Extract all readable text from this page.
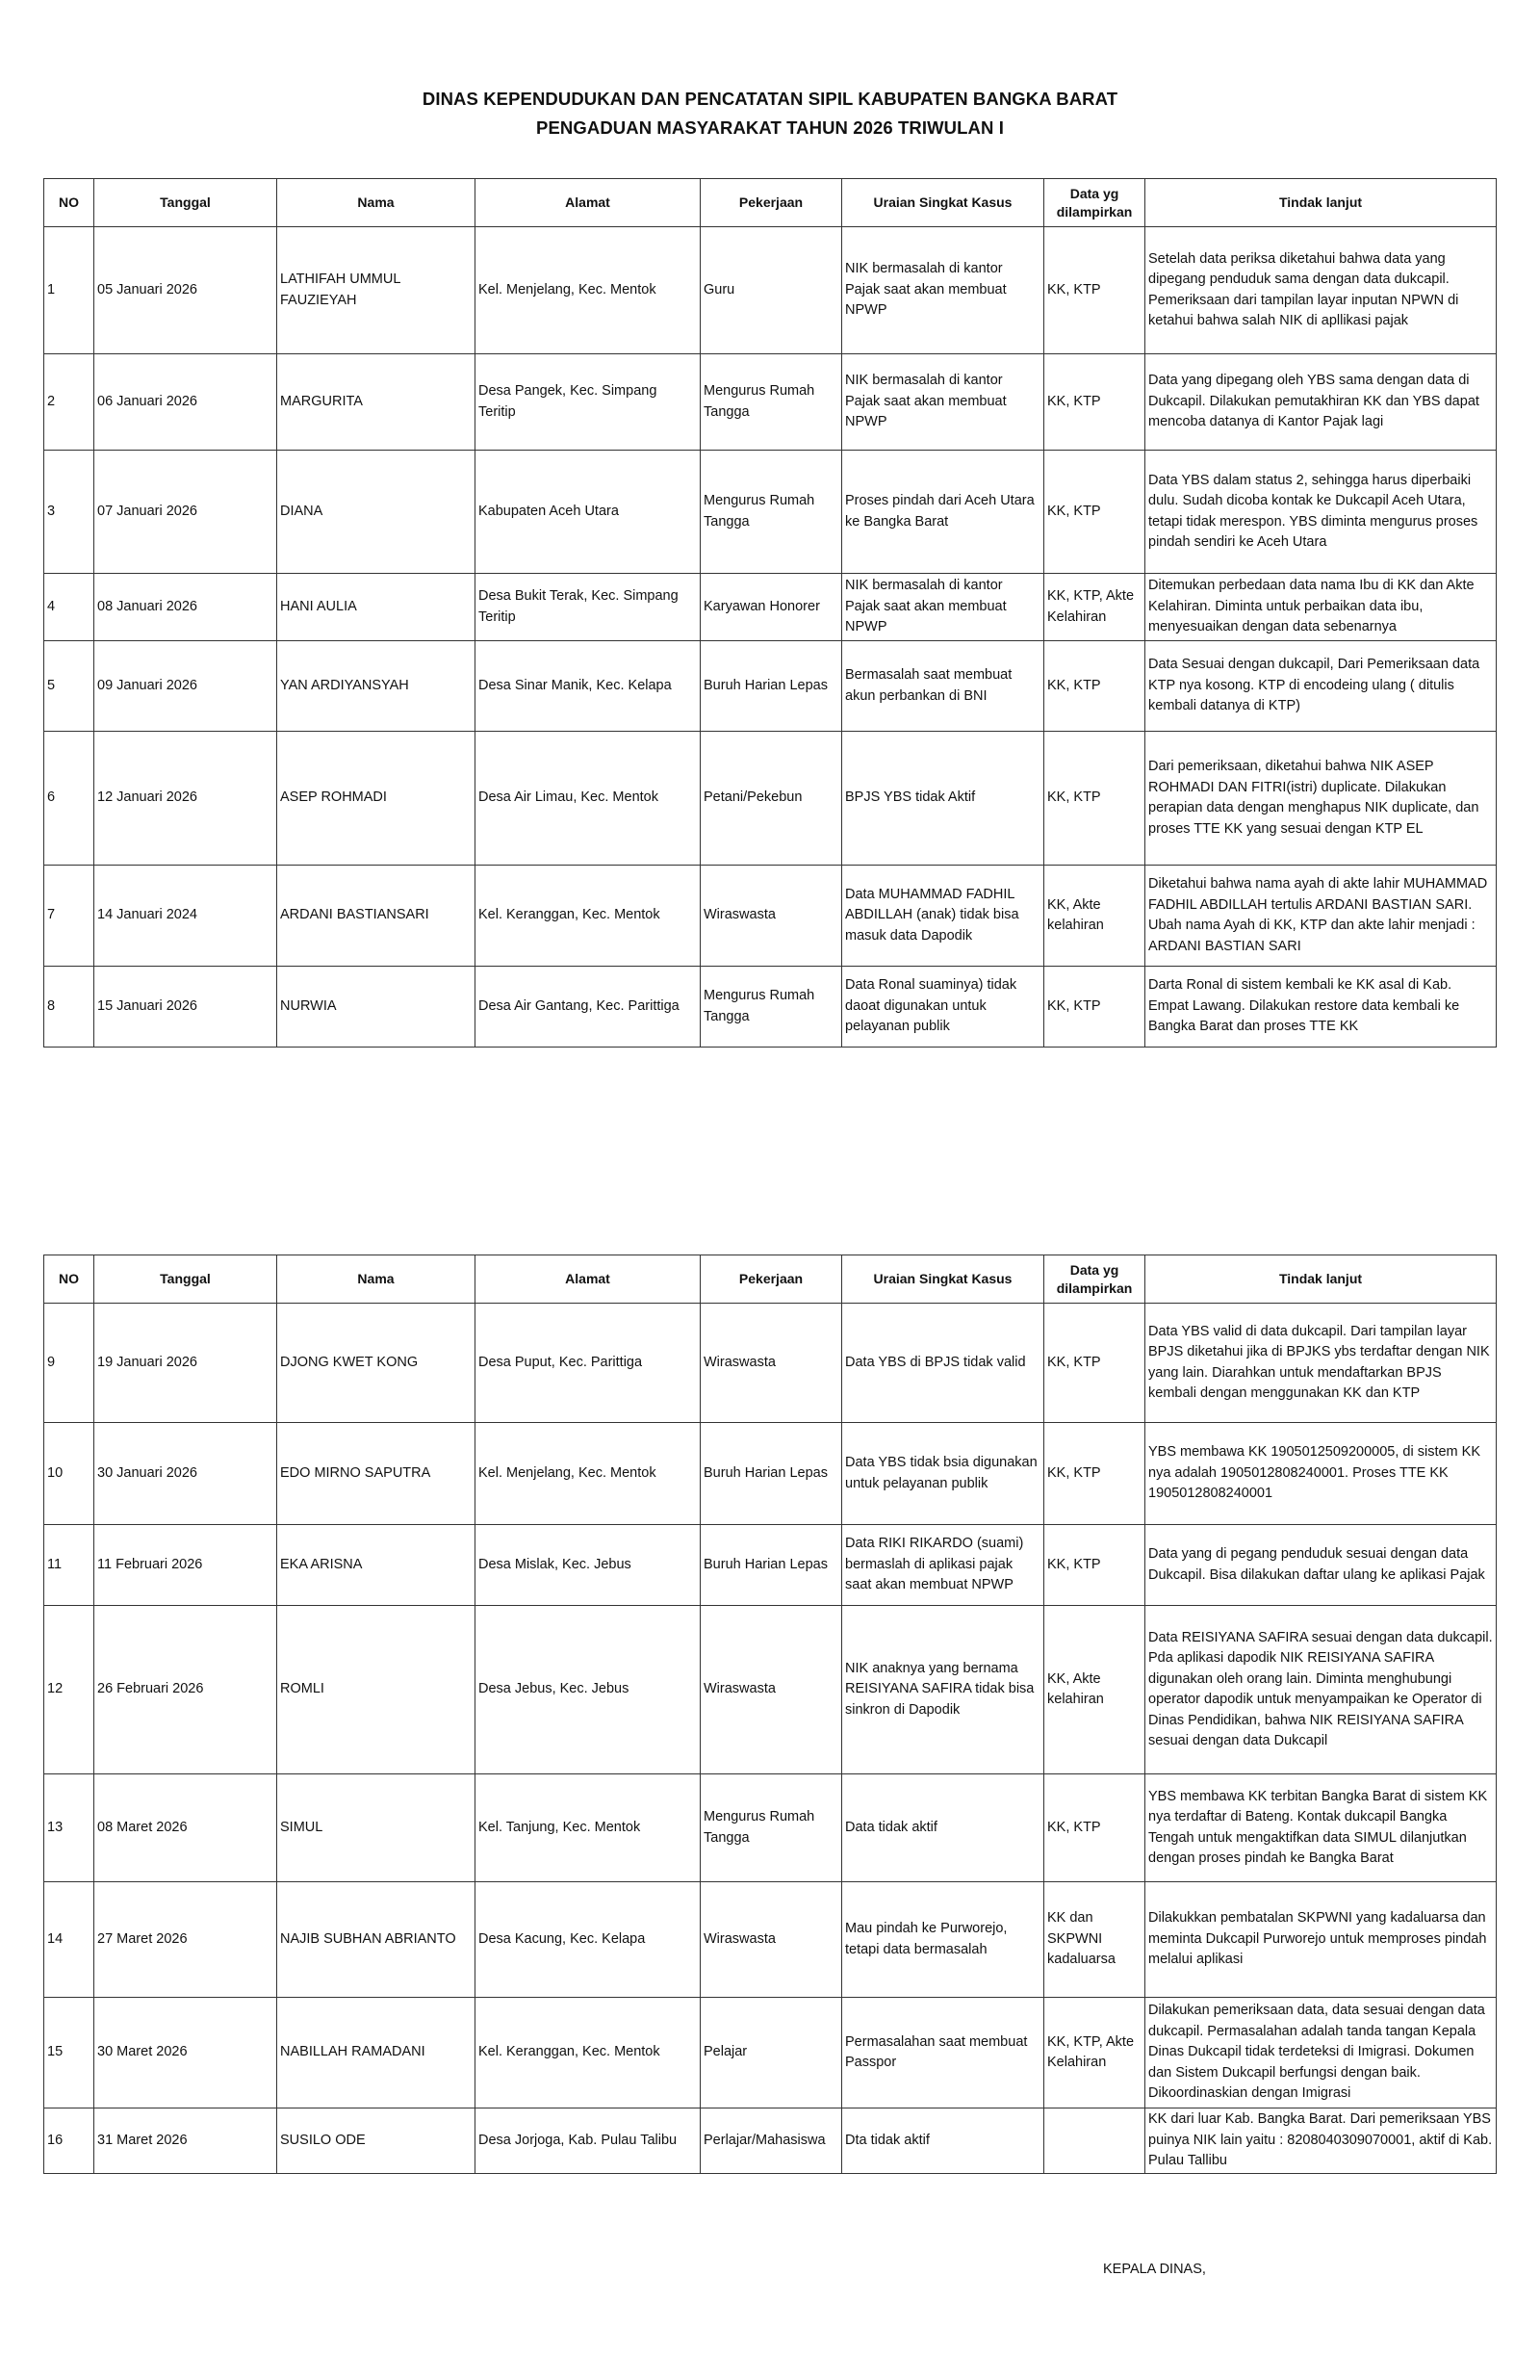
DINAS KEPENDUDUKAN DAN PENCATATAN SIPIL KABUPATEN BANGKA BARAT
PENGADUAN MASYARAKAT TAHUN 2026 TRIWULAN I
NO	Tanggal	Nama	Alamat	Pekerjaan	Uraian Singkat Kasus	Data yg dilampirkan	Tindak lanjut
1	05 Januari 2026	LATHIFAH UMMUL FAUZIEYAH	Kel. Menjelang, Kec. Mentok	Guru	NIK bermasalah di kantor Pajak saat akan membuat NPWP	KK, KTP	Setelah data periksa diketahui bahwa data yang dipegang penduduk sama dengan data dukcapil. Pemeriksaan dari tampilan layar inputan NPWN di ketahui bahwa salah NIK di apllikasi pajak
2	06 Januari 2026	MARGURITA	Desa Pangek, Kec. Simpang Teritip	Mengurus Rumah Tangga	NIK bermasalah di kantor Pajak saat akan membuat NPWP	KK, KTP	Data yang dipegang oleh YBS sama dengan data di Dukcapil. Dilakukan pemutakhiran KK dan YBS dapat mencoba datanya di Kantor Pajak lagi
3	07 Januari 2026	DIANA	Kabupaten Aceh Utara	Mengurus Rumah Tangga	Proses pindah dari Aceh Utara ke Bangka Barat	KK, KTP	Data YBS dalam status 2, sehingga harus diperbaiki dulu. Sudah dicoba kontak ke Dukcapil Aceh Utara, tetapi tidak merespon. YBS diminta mengurus proses pindah sendiri ke Aceh Utara
4	08 Januari 2026	HANI AULIA	Desa Bukit Terak, Kec. Simpang Teritip	Karyawan Honorer	NIK bermasalah di kantor Pajak saat akan membuat NPWP	KK, KTP, Akte Kelahiran	Ditemukan perbedaan data nama Ibu di KK dan Akte Kelahiran. Diminta untuk perbaikan data ibu, menyesuaikan dengan data sebenarnya
5	09 Januari 2026	YAN ARDIYANSYAH	Desa Sinar Manik, Kec. Kelapa	Buruh Harian Lepas	Bermasalah saat membuat akun perbankan di BNI	KK, KTP	Data Sesuai dengan dukcapil, Dari Pemeriksaan data KTP nya kosong. KTP di encodeing ulang ( ditulis kembali datanya di KTP)
6	12 Januari 2026	ASEP ROHMADI	Desa Air Limau, Kec. Mentok	Petani/Pekebun	BPJS YBS tidak Aktif	KK, KTP	Dari pemeriksaan, diketahui bahwa NIK ASEP ROHMADI DAN FITRI(istri) duplicate. Dilakukan perapian data dengan menghapus NIK duplicate, dan proses TTE KK yang sesuai dengan KTP EL
7	14 Januari 2024	ARDANI BASTIANSARI	Kel. Keranggan, Kec. Mentok	Wiraswasta	Data MUHAMMAD FADHIL ABDILLAH (anak) tidak bisa masuk data Dapodik	KK, Akte kelahiran	Diketahui bahwa nama ayah di akte lahir MUHAMMAD FADHIL ABDILLAH tertulis ARDANI BASTIAN SARI. Ubah nama Ayah di KK, KTP dan akte lahir menjadi : ARDANI BASTIAN SARI
8	15 Januari 2026	NURWIA	Desa Air Gantang, Kec. Parittiga	Mengurus Rumah Tangga	Data Ronal suaminya) tidak daoat digunakan untuk pelayanan publik	KK, KTP	Darta Ronal di sistem kembali ke KK asal di Kab. Empat Lawang. Dilakukan restore data kembali ke Bangka Barat dan proses TTE KK
NO	Tanggal	Nama	Alamat	Pekerjaan	Uraian Singkat Kasus	Data yg dilampirkan	Tindak lanjut
9	19 Januari 2026	DJONG KWET KONG	Desa Puput, Kec. Parittiga	Wiraswasta	Data YBS di BPJS tidak valid	KK, KTP	Data YBS valid di data dukcapil. Dari tampilan layar BPJS diketahui jika di BPJKS ybs terdaftar dengan NIK yang lain. Diarahkan untuk mendaftarkan BPJS kembali dengan menggunakan KK dan KTP
10	30 Januari 2026	EDO MIRNO SAPUTRA	Kel. Menjelang, Kec. Mentok	Buruh Harian Lepas	Data YBS tidak bsia digunakan untuk pelayanan publik	KK, KTP	YBS membawa KK 1905012509200005, di sistem KK nya adalah 1905012808240001. Proses TTE KK 1905012808240001
11	11 Februari 2026	EKA ARISNA	Desa Mislak, Kec. Jebus	Buruh Harian Lepas	Data RIKI RIKARDO (suami) bermaslah di aplikasi pajak saat akan membuat NPWP	KK, KTP	Data yang di pegang penduduk sesuai dengan data Dukcapil. Bisa dilakukan daftar ulang ke aplikasi Pajak
12	26 Februari 2026	ROMLI	Desa Jebus, Kec. Jebus	Wiraswasta	NIK anaknya yang bernama REISIYANA SAFIRA tidak bisa sinkron di Dapodik	KK, Akte kelahiran	Data REISIYANA SAFIRA sesuai dengan data dukcapil. Pda aplikasi dapodik NIK REISIYANA SAFIRA digunakan oleh orang lain. Diminta menghubungi operator dapodik untuk menyampaikan ke Operator di Dinas Pendidikan, bahwa NIK REISIYANA SAFIRA sesuai dengan data Dukcapil
13	08 Maret 2026	SIMUL	Kel. Tanjung, Kec. Mentok	Mengurus Rumah Tangga	Data tidak aktif	KK, KTP	YBS membawa KK terbitan Bangka Barat di sistem KK nya terdaftar di Bateng. Kontak dukcapil Bangka Tengah untuk mengaktifkan data SIMUL dilanjutkan dengan proses pindah ke Bangka Barat
14	27 Maret 2026	NAJIB SUBHAN ABRIANTO	Desa Kacung, Kec. Kelapa	Wiraswasta	Mau pindah ke Purworejo, tetapi data bermasalah	KK dan SKPWNI kadaluarsa	Dilakukkan pembatalan SKPWNI yang kadaluarsa dan meminta Dukcapil Purworejo untuk memproses pindah melalui aplikasi
15	30 Maret 2026	NABILLAH RAMADANI	Kel. Keranggan, Kec. Mentok	Pelajar	Permasalahan saat membuat Passpor	KK, KTP, Akte Kelahiran	Dilakukan pemeriksaan data, data sesuai dengan data dukcapil. Permasalahan adalah tanda tangan Kepala Dinas Dukcapil tidak terdeteksi di Imigrasi. Dokumen dan Sistem Dukcapil berfungsi dengan baik. Dikoordinaskian dengan Imigrasi
16	31 Maret 2026	SUSILO ODE	Desa Jorjoga, Kab. Pulau Talibu	Perlajar/Mahasiswa	Dta tidak aktif		KK dari luar Kab. Bangka Barat. Dari pemeriksaan YBS puinya NIK lain yaitu : 8208040309070001, aktif di Kab. Pulau Tallibu
KEPALA DINAS,
